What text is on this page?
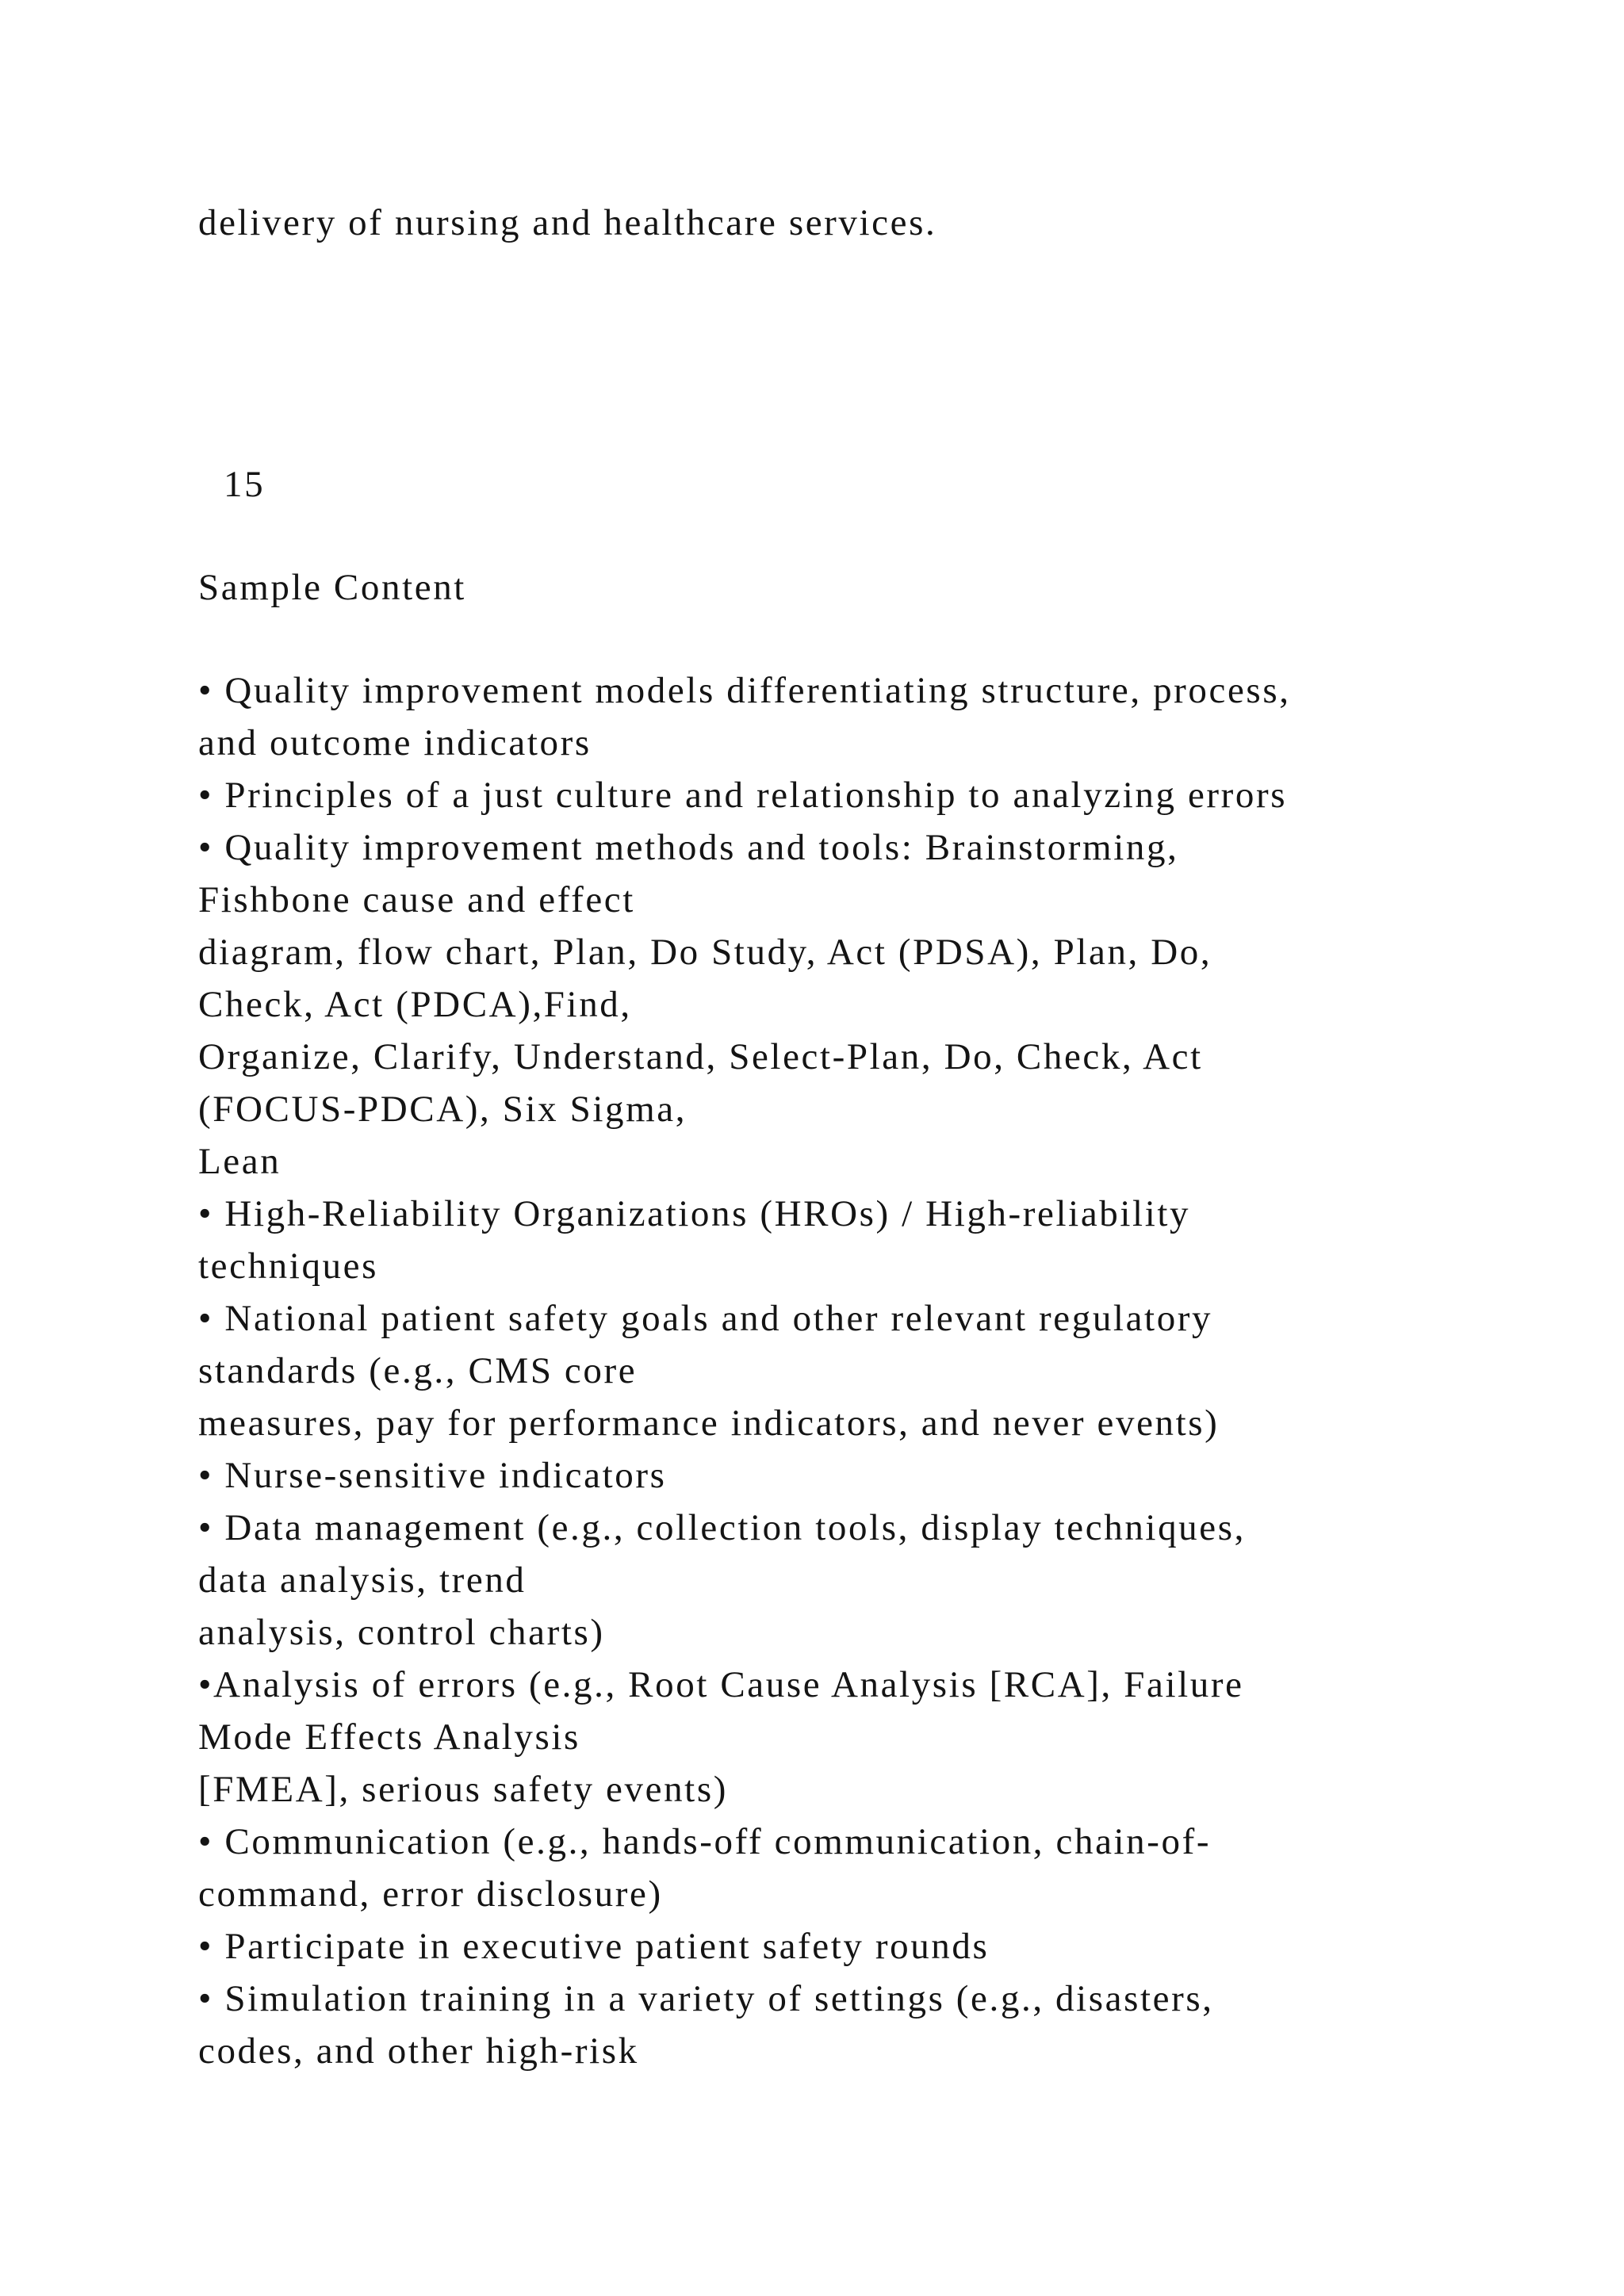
delivery of nursing and healthcare services.

15

Sample Content

• Quality improvement models differentiating structure, process,

and outcome indicators

• Principles of a just culture and relationship to analyzing errors

• Quality improvement methods and tools: Brainstorming,

Fishbone cause and effect

diagram, flow chart, Plan, Do Study, Act (PDSA), Plan, Do,

Check, Act (PDCA),Find,

Organize, Clarify, Understand, Select-Plan, Do, Check, Act

(FOCUS-PDCA), Six Sigma,

Lean

• High-Reliability Organizations (HROs) / High-reliability

techniques

• National patient safety goals and other relevant regulatory

standards (e.g., CMS core

measures, pay for performance indicators, and never events)

• Nurse-sensitive indicators

• Data management (e.g., collection tools, display techniques,

data analysis, trend

analysis, control charts)

•Analysis of errors (e.g., Root Cause Analysis [RCA], Failure

Mode Effects Analysis

[FMEA], serious safety events)

• Communication (e.g., hands-off communication, chain-of-

command, error disclosure)

• Participate in executive patient safety rounds

• Simulation training in a variety of settings (e.g., disasters,

codes, and other high-risk
